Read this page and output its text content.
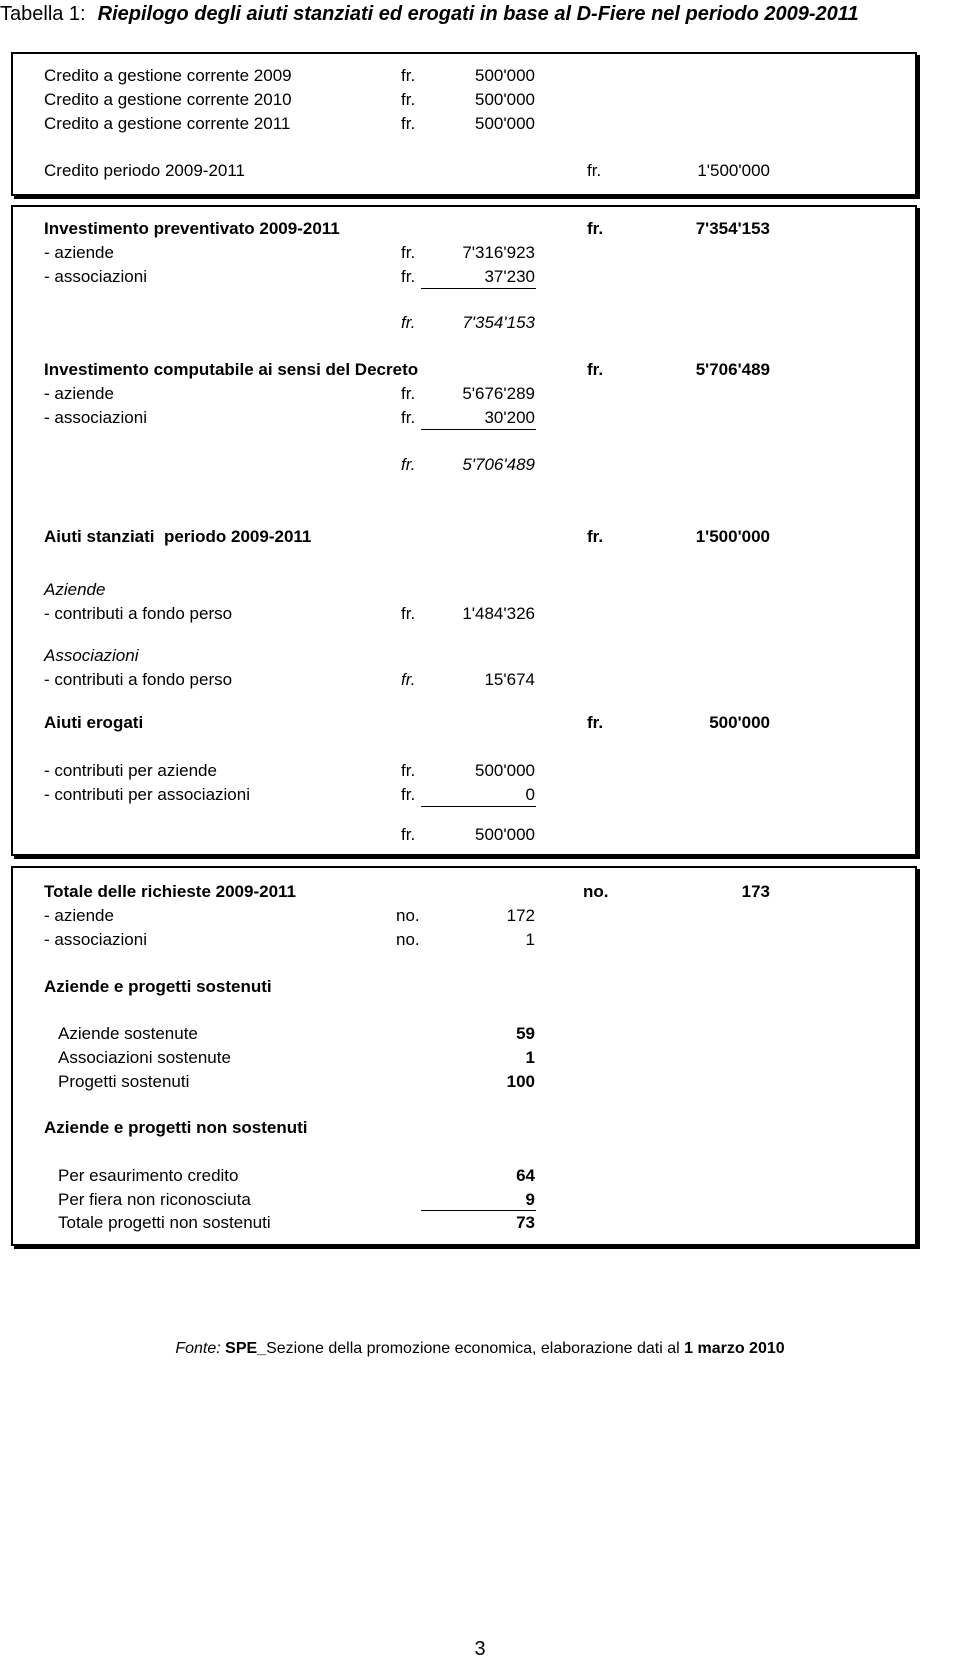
Tabella 1: Riepilogo degli aiuti stanziati ed erogati in base al D-Fiere nel periodo 2009-2011
Credito a gestione corrente 2009	fr.	500'000
Credito a gestione corrente 2010	fr.	500'000
Credito a gestione corrente 2011	fr.	500'000
Credito periodo 2009-2011	fr.	1'500'000
Investimento preventivato 2009-2011	fr.	7'354'153
- aziende	fr.	7'316'923
- associazioni	fr.	37'230
fr.	7'354'153
Investimento computabile ai sensi del Decreto	fr.	5'706'489
- aziende	fr.	5'676'289
- associazioni	fr.	30'200
fr.	5'706'489
Aiuti stanziati  periodo 2009-2011	fr.	1'500'000
Aziende
- contributi a fondo perso	fr.	1'484'326
Associazioni
- contributi a fondo perso	fr.	15'674
Aiuti erogati	fr.	500'000
- contributi per aziende	fr.	500'000
- contributi per associazioni	fr.	0
fr.	500'000
Totale delle richieste 2009-2011	no.	173
- aziende	no.	172
- associazioni	no.	1
Aziende e progetti sostenuti
Aziende sostenute	59
Associazioni sostenute	1
Progetti sostenuti	100
Aziende e progetti non sostenuti
Per esaurimento credito	64
Per fiera non riconosciuta	9
Totale progetti non sostenuti	73
Fonte: SPE_Sezione della promozione economica, elaborazione dati al 1 marzo 2010
3
